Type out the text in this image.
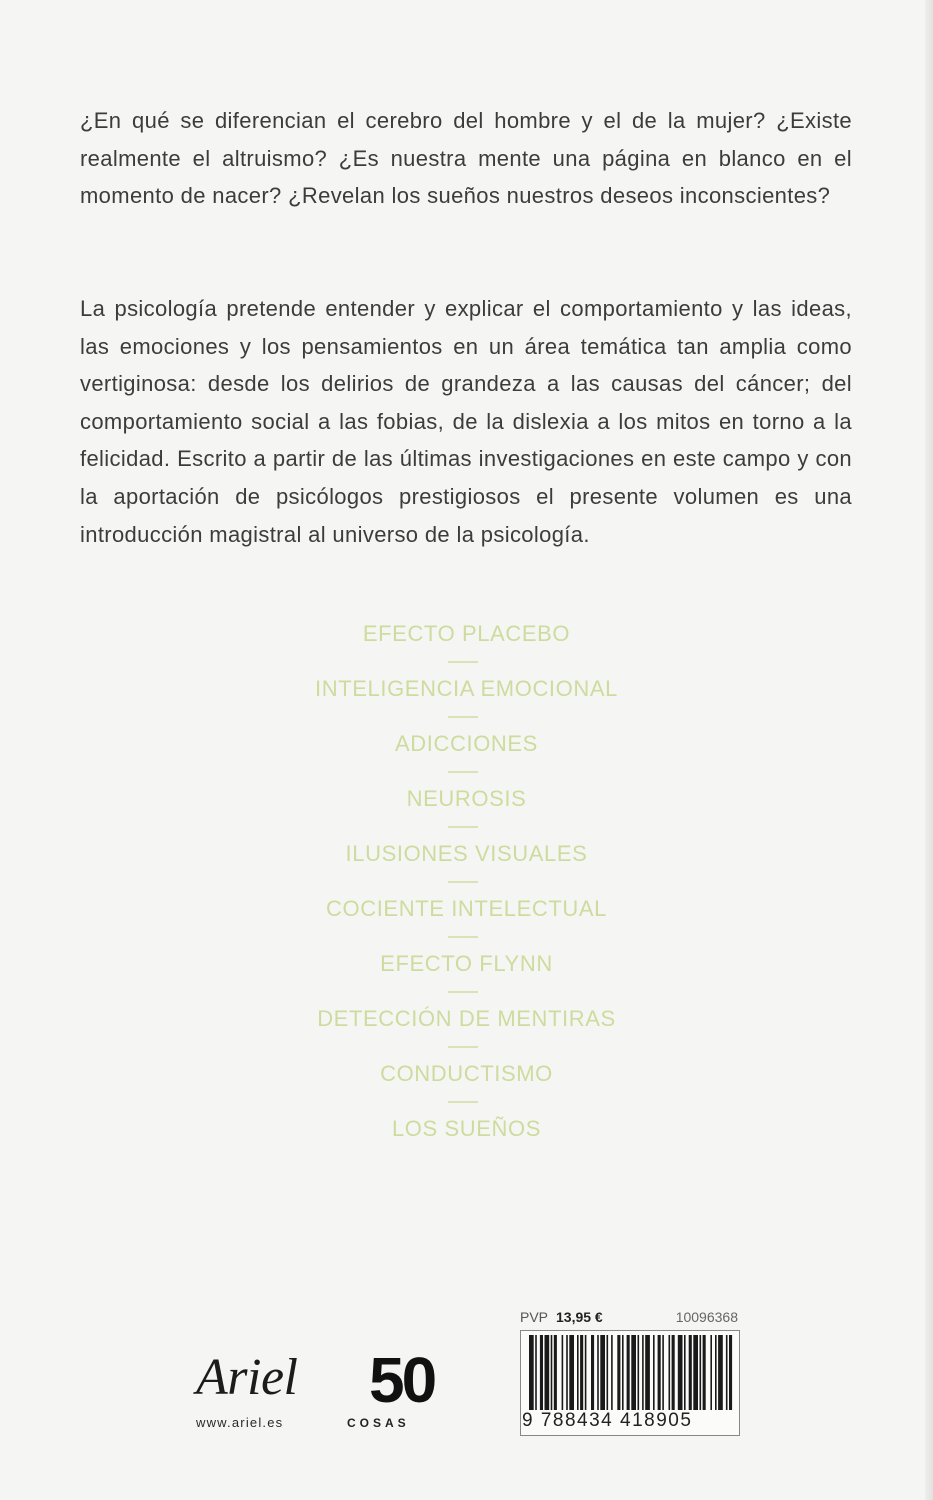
¿En qué se diferencian el cerebro del hombre y el de la mujer? ¿Existe realmente el altruismo? ¿Es nuestra mente una página en blanco en el momento de nacer? ¿Revelan los sueños nuestros deseos inconscientes?

La psicología pretende entender y explicar el comportamiento y las ideas, las emociones y los pensamientos en un área temática tan amplia como vertiginosa: desde los delirios de grandeza a las causas del cáncer; del comportamiento social a las fobias, de la dislexia a los mitos en torno a la felicidad. Escrito a partir de las últimas investigaciones en este campo y con la aportación de psicólogos prestigiosos el presente volumen es una introducción magistral al universo de la psicología.

EFECTO PLACEBO
INTELIGENCIA EMOCIONAL
ADICCIONES
NEUROSIS
ILUSIONES VISUALES
COCIENTE INTELECTUAL
EFECTO FLYNN
DETECCIÓN DE MENTIRAS
CONDUCTISMO
LOS SUEÑOS
Ariel
www.ariel.es
50
COSAS
PVP 13,95 €	10096368
9 788434 418905
